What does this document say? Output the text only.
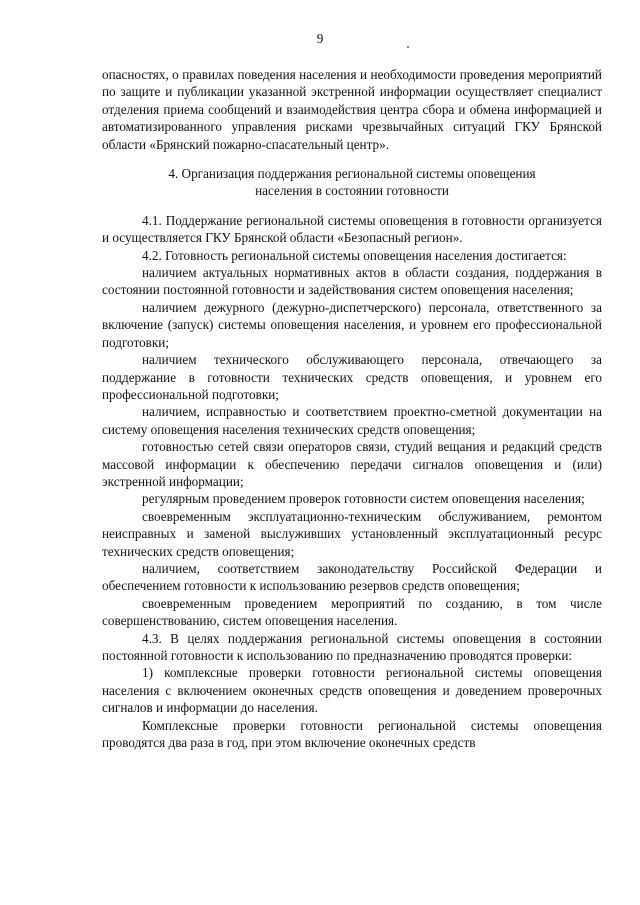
9

опасностях, о правилах поведения населения и необходимости проведения мероприятий по защите и публикации указанной экстренной информации осуществляет специалист отделения приема сообщений и взаимодействия центра сбора и обмена информацией и автоматизированного управления рисками чрезвычайных ситуаций ГКУ Брянской области «Брянский пожарно-спасательный центр».

4. Организация поддержания региональной системы оповещения
населения в состоянии готовности

4.1. Поддержание региональной системы оповещения в готовности организуется и осуществляется ГКУ Брянской области «Безопасный регион».

4.2. Готовность региональной системы оповещения населения достигается:

наличием актуальных нормативных актов в области создания, поддержания в состоянии постоянной готовности и задействования систем оповещения населения;

наличием дежурного (дежурно-диспетчерского) персонала, ответственного за включение (запуск) системы оповещения населения, и уровнем его профессиональной подготовки;

наличием технического обслуживающего персонала, отвечающего за поддержание в готовности технических средств оповещения, и уровнем его профессиональной подготовки;

наличием, исправностью и соответствием проектно-сметной документации на систему оповещения населения технических средств оповещения;

готовностью сетей связи операторов связи, студий вещания и редакций средств массовой информации к обеспечению передачи сигналов оповещения и (или) экстренной информации;

регулярным проведением проверок готовности систем оповещения населения;

своевременным эксплуатационно-техническим обслуживанием, ремонтом неисправных и заменой выслуживших установленный эксплуатационный ресурс технических средств оповещения;

наличием, соответствием законодательству Российской Федерации и обеспечением готовности к использованию резервов средств оповещения;

своевременным проведением мероприятий по созданию, в том числе совершенствованию, систем оповещения населения.

4.3. В целях поддержания региональной системы оповещения в состоянии постоянной готовности к использованию по предназначению проводятся проверки:

1) комплексные проверки готовности региональной системы оповещения населения с включением оконечных средств оповещения и доведением проверочных сигналов и информации до населения.

Комплексные проверки готовности региональной системы оповещения проводятся два раза в год, при этом включение оконечных средств
